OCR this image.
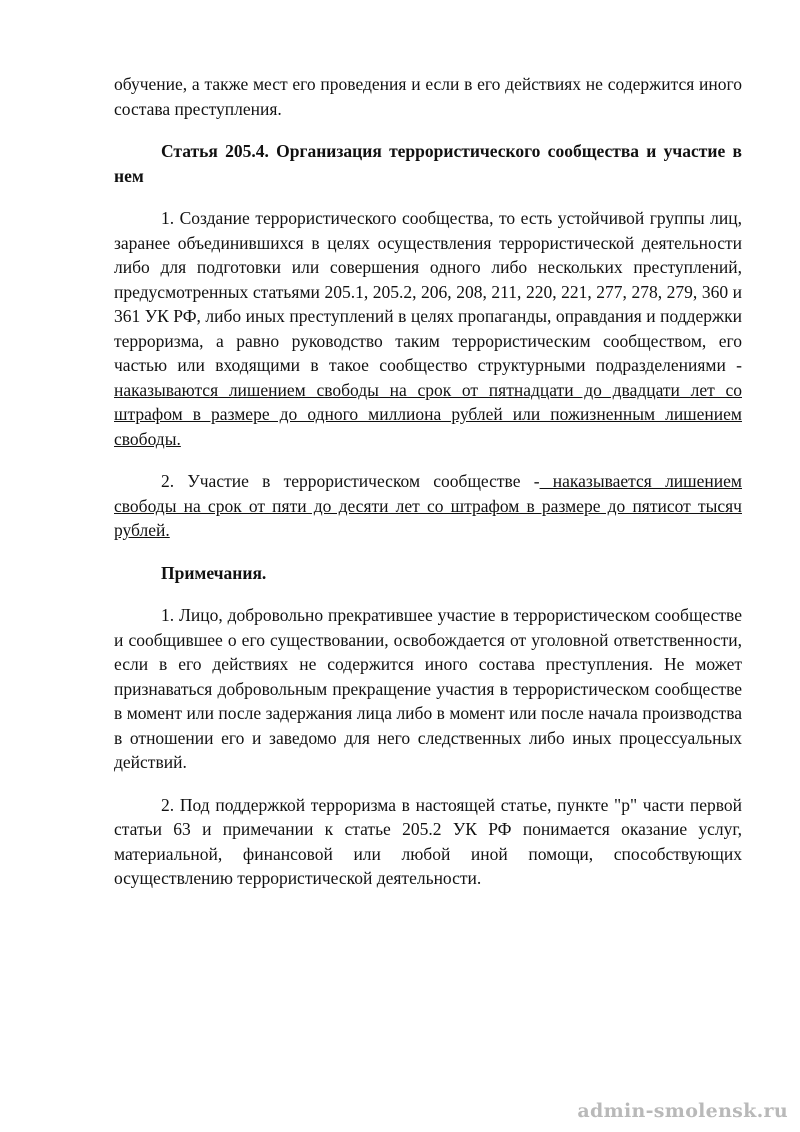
обучение, а также мест его проведения и если в его действиях не содержится иного состава преступления.

Статья 205.4. Организация террористического сообщества и участие в нем

1. Создание террористического сообщества, то есть устойчивой группы лиц, заранее объединившихся в целях осуществления террористической деятельности либо для подготовки или совершения одного либо нескольких преступлений, предусмотренных статьями 205.1, 205.2, 206, 208, 211, 220, 221, 277, 278, 279, 360 и 361 УК РФ, либо иных преступлений в целях пропаганды, оправдания и поддержки терроризма, а равно руководство таким террористическим сообществом, его частью или входящими в такое сообщество структурными подразделениями - наказываются лишением свободы на срок от пятнадцати до двадцати лет со штрафом в размере до одного миллиона рублей или пожизненным лишением свободы.

2. Участие в террористическом сообществе - наказывается лишением свободы на срок от пяти до десяти лет со штрафом в размере до пятисот тысяч рублей.

Примечания.

1. Лицо, добровольно прекратившее участие в террористическом сообществе и сообщившее о его существовании, освобождается от уголовной ответственности, если в его действиях не содержится иного состава преступления. Не может признаваться добровольным прекращение участия в террористическом сообществе в момент или после задержания лица либо в момент или после начала производства в отношении его и заведомо для него следственных либо иных процессуальных действий.

2. Под поддержкой терроризма в настоящей статье, пункте "р" части первой статьи 63 и примечании к статье 205.2 УК РФ понимается оказание услуг, материальной, финансовой или любой иной помощи, способствующих осуществлению террористической деятельности.

admin-smolensk.ru
